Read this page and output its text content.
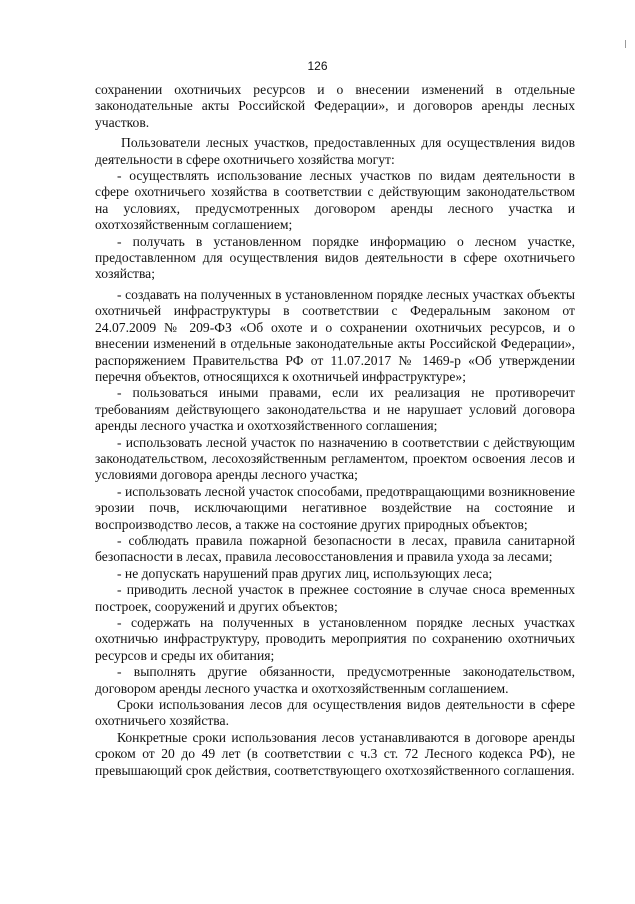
126

сохранении охотничьих ресурсов и о внесении изменений в отдельные законодательные акты Российской Федерации», и договоров аренды лесных участков.

Пользователи лесных участков, предоставленных для осуществления видов деятельности в сфере охотничьего хозяйства могут:

- осуществлять использование лесных участков по видам деятельности в сфере охотничьего хозяйства в соответствии с действующим законодательством на условиях, предусмотренных договором аренды лесного участка и охотхозяйственным соглашением;

- получать в установленном порядке информацию о лесном участке, предоставленном для осуществления видов деятельности в сфере охотничьего хозяйства;

- создавать на полученных в установленном порядке лесных участках объекты охотничьей инфраструктуры в соответствии с Федеральным законом от 24.07.2009 № 209-ФЗ «Об охоте и о сохранении охотничьих ресурсов, и о внесении изменений в отдельные законодательные акты Российской Федерации», распоряжением Правительства РФ от 11.07.2017 № 1469-р «Об утверждении перечня объектов, относящихся к охотничьей инфраструктуре»;

- пользоваться иными правами, если их реализация не противоречит требованиям действующего законодательства и не нарушает условий договора аренды лесного участка и охотхозяйственного соглашения;

- использовать лесной участок по назначению в соответствии с действующим законодательством, лесохозяйственным регламентом, проектом освоения лесов и условиями договора аренды лесного участка;

- использовать лесной участок способами, предотвращающими возникновение эрозии почв, исключающими негативное воздействие на состояние и воспроизводство лесов, а также на состояние других природных объектов;

- соблюдать правила пожарной безопасности в лесах, правила санитарной безопасности в лесах, правила лесовосстановления и правила ухода за лесами;

- не допускать нарушений прав других лиц, использующих леса;

- приводить лесной участок в прежнее состояние в случае сноса временных построек, сооружений и других объектов;

- содержать на полученных в установленном порядке лесных участках охотничью инфраструктуру, проводить мероприятия по сохранению охотничьих ресурсов и среды их обитания;

- выполнять другие обязанности, предусмотренные законодательством, договором аренды лесного участка и охотхозяйственным соглашением.

Сроки использования лесов для осуществления видов деятельности в сфере охотничьего хозяйства.

Конкретные сроки использования лесов устанавливаются в договоре аренды сроком от 20 до 49 лет (в соответствии с ч.3 ст. 72 Лесного кодекса РФ), не превышающий срок действия, соответствующего охотхозяйственного соглашения.
